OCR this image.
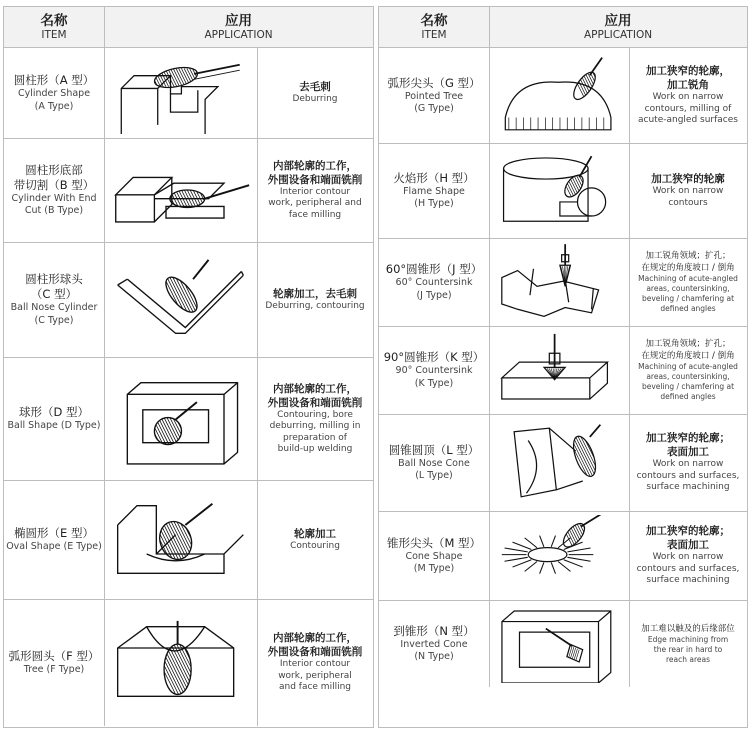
名称
ITEM
应用
APPLICATION
圆柱形（A 型）
Cylinder Shape
(A Type)
去毛刺
Deburring
圆柱形底部
带切割（B 型）
Cylinder With End
Cut (B Type)
内部轮廓的工作，
外围设备和端面铣削
Interior contour
work, peripheral and
face milling
圆柱形球头
（C 型）
Ball Nose Cylinder
(C Type)
轮廓加工，去毛刺
Deburring, contouring
球形（D 型）
Ball Shape (D Type)
内部轮廓的工作，
外围设备和端面铣削
Contouring, bore
deburring, milling in
preparation of
build-up welding
椭圆形（E 型）
Oval Shape (E Type)
轮廓加工
Contouring
弧形圆头（F 型）
Tree (F Type)
内部轮廓的工作，
外围设备和端面铣削
Interior contour
work, peripheral
and face milling
名称
ITEM
应用
APPLICATION
弧形尖头（G 型）
Pointed Tree
(G Type)
加工狭窄的轮廓，
加工锐角
Work on narrow
contours, milling of
acute-angled surfaces
火焰形（H 型）
Flame Shape
(H Type)
加工狭窄的轮廓
Work on narrow
contours
60°圆锥形（J 型）
60° Countersink
(J Type)
加工锐角领域；扩孔；
在规定的角度坡口 / 倒角
Machining of acute-angled
areas, countersinking,
beveling / chamfering at
defined angles
90°圆锥形（K 型）
90° Countersink
(K Type)
加工锐角领域；扩孔；
在规定的角度坡口 / 倒角
Machining of acute-angled
areas, countersinking,
beveling / chamfering at
defined angles
圆锥圆顶（L 型）
Ball Nose Cone
(L Type)
加工狭窄的轮廓；
表面加工
Work on narrow
contours and surfaces,
surface machining
锥形尖头（M 型）
Cone Shape
(M Type)
加工狭窄的轮廓；
表面加工
Work on narrow
contours and surfaces,
surface machining
到锥形（N 型）
Inverted Cone
(N Type)
加工难以触及的后缘部位
Edge machining from
the rear in hard to
reach areas
